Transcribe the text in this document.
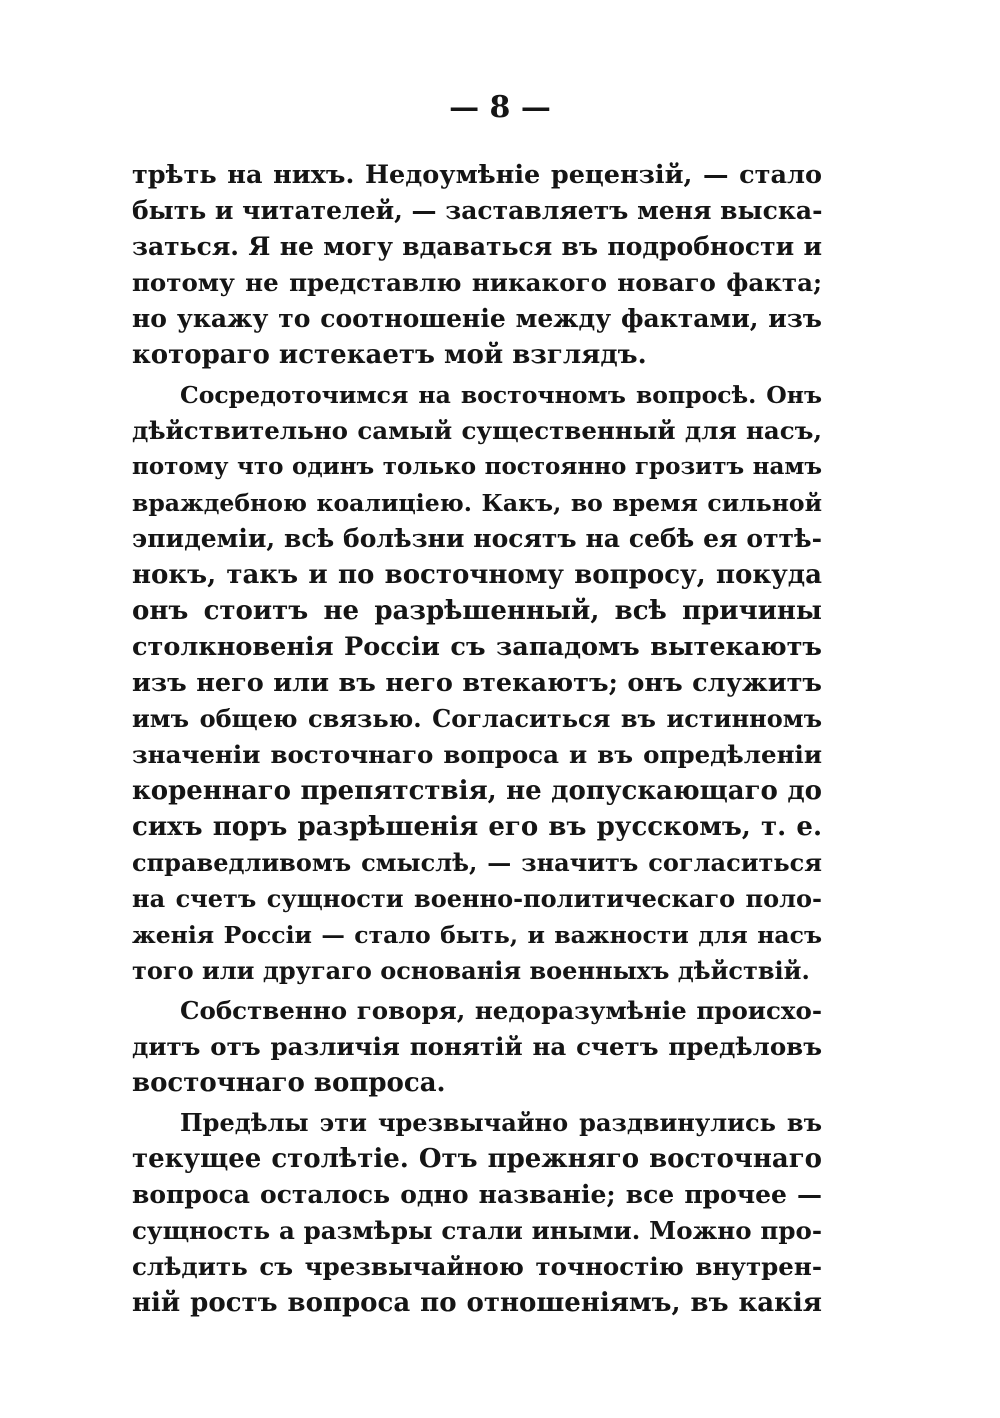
— 8 —
трѣть на нихъ. Недоумѣніе рецензій, — стало
быть и читателей, — заставляетъ меня выска-
заться. Я не могу вдаваться въ подробности и
потому не представлю никакого новаго факта;
но укажу то соотношеніе между фактами, изъ
котораго истекаетъ мой взглядъ.
Сосредоточимся на восточномъ вопросѣ. Онъ
дѣйствительно самый существенный для насъ,
потому что одинъ только постоянно грозитъ намъ
враждебною коалиціею. Какъ, во время сильной
эпидеміи, всѣ болѣзни носятъ на себѣ ея оттѣ-
нокъ, такъ и по восточному вопросу, покуда
онъ стоитъ не разрѣшенный, всѣ причины
столкновенія Россіи съ западомъ вытекаютъ
изъ него или въ него втекаютъ; онъ служитъ
имъ общею связью. Согласиться въ истинномъ
значеніи восточнаго вопроса и въ опредѣленіи
кореннаго препятствія, не допускающаго до
сихъ поръ разрѣшенія его въ русскомъ, т. е.
справедливомъ смыслѣ, — значитъ согласиться
на счетъ сущности военно-политическаго поло-
женія Россіи — стало быть, и важности для насъ
того или другаго основанія военныхъ дѣйствій.
Собственно говоря, недоразумѣніе происхо-
дитъ отъ различія понятій на счетъ предѣловъ
восточнаго вопроса.
Предѣлы эти чрезвычайно раздвинулись въ
текущее столѣтіе. Отъ прежняго восточнаго
вопроса осталось одно названіе; все прочее —
сущность а размѣры стали иными. Можно про-
слѣдить съ чрезвычайною точностію внутрен-
ній ростъ вопроса по отношеніямъ, въ какія
